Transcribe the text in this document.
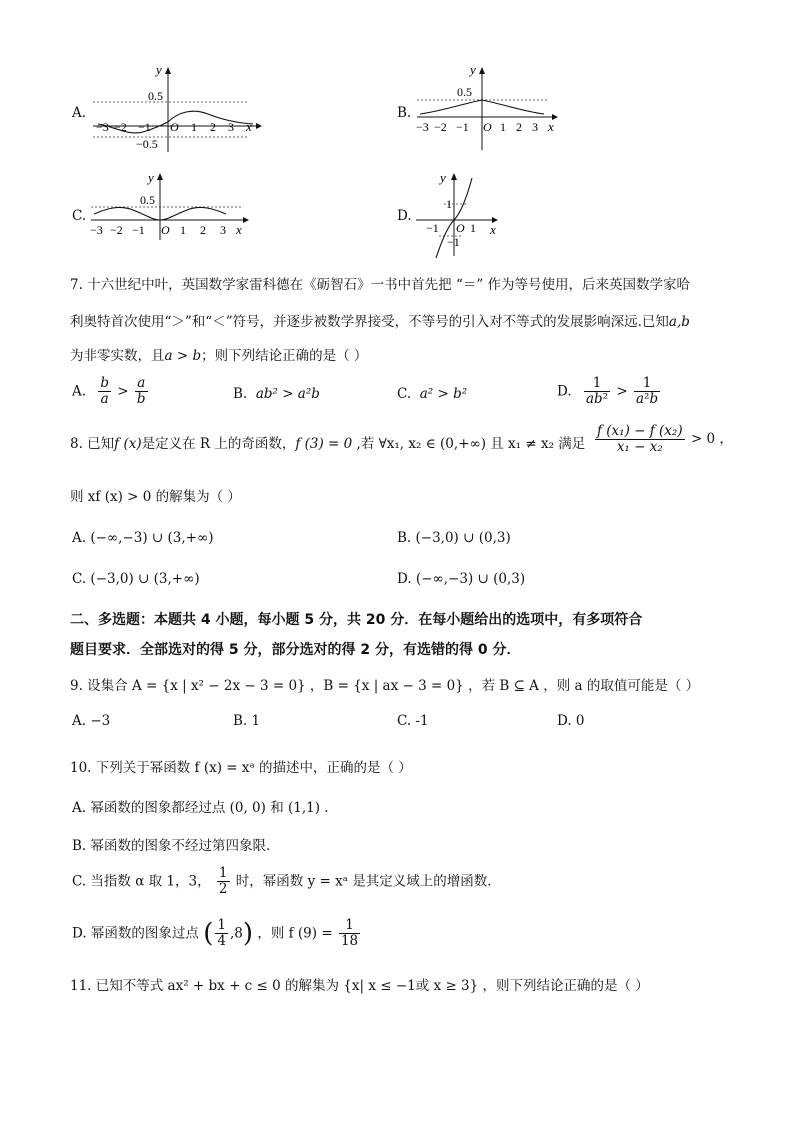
A.
y
0.5
−0.5
−3 −2 −1 O 1 2 3 x
B.
y
0.5
−3 −2 −1 O 1 2 3 x
C.
y
0.5
−3 −2 −1 O 1 2 3 x
D.
y
1
−1
−1 O 1 x
7. 十六世纪中叶，英国数学家雷科德在《砺智石》一书中首先把 “＝” 作为等号使用，后来英国数学家哈
利奥特首次使用“＞”和“＜”符号，并逐步被数学界接受，不等号的引入对不等式的发展影响深远.已知a,b
为非零实数，且a > b；则下列结论正确的是（ ）
A. $\frac{b}{a} > \frac{a}{b}$	B. ab² > a²b	C. a² > b²	D. $\frac{1}{\text{ab²}} > \frac{1}{\text{a²b}}$
8. 已知f (x)是定义在 R 上的奇函数，f (3) = 0 ,若 ∀x₁, x₂ ∈ (0,+∞) 且 x₁ ≠ x₂ 满足 $\frac{\text{f (x₁) − f (x₂)}}{\text{x₁ − x₂}} > 0$ ，
则 xf (x) > 0 的解集为（ ）
A. (−∞,−3) ∪ (3,+∞)	B. (−3,0) ∪ (0,3)
C. (−3,0) ∪ (3,+∞)	D. (−∞,−3) ∪ (0,3)
二、多选题：本题共 4 小题，每小题 5 分，共 20 分．在每小题给出的选项中，有多项符合
题目要求．全部选对的得 5 分，部分选对的得 2 分，有选错的得 0 分．
9. 设集合 A = {x | x² − 2x − 3 = 0} ，B = {x | ax − 3 = 0} ，若 B ⊆ A ，则 a 的取值可能是（ ）
A. −3	B. 1	C. -1	D. 0
10. 下列关于幂函数 f (x) = xᵃ 的描述中，正确的是（ ）
A. 幂函数的图象都经过点 (0, 0) 和 (1,1) .
B. 幂函数的图象不经过第四象限．
C. 当指数 α 取 1，3， $\frac{1}{2}$ 时，幂函数 y = xᵃ 是其定义域上的增函数．
D. 幂函数的图象过点 ( $\frac{1}{4} ,8$) ，则 f $(9) = \frac{1}{18}$
11. 已知不等式 ax² + bx + c ≤ 0 的解集为 {x| x ≤ −1或 x ≥ 3} ，则下列结论正确的是（ ）
